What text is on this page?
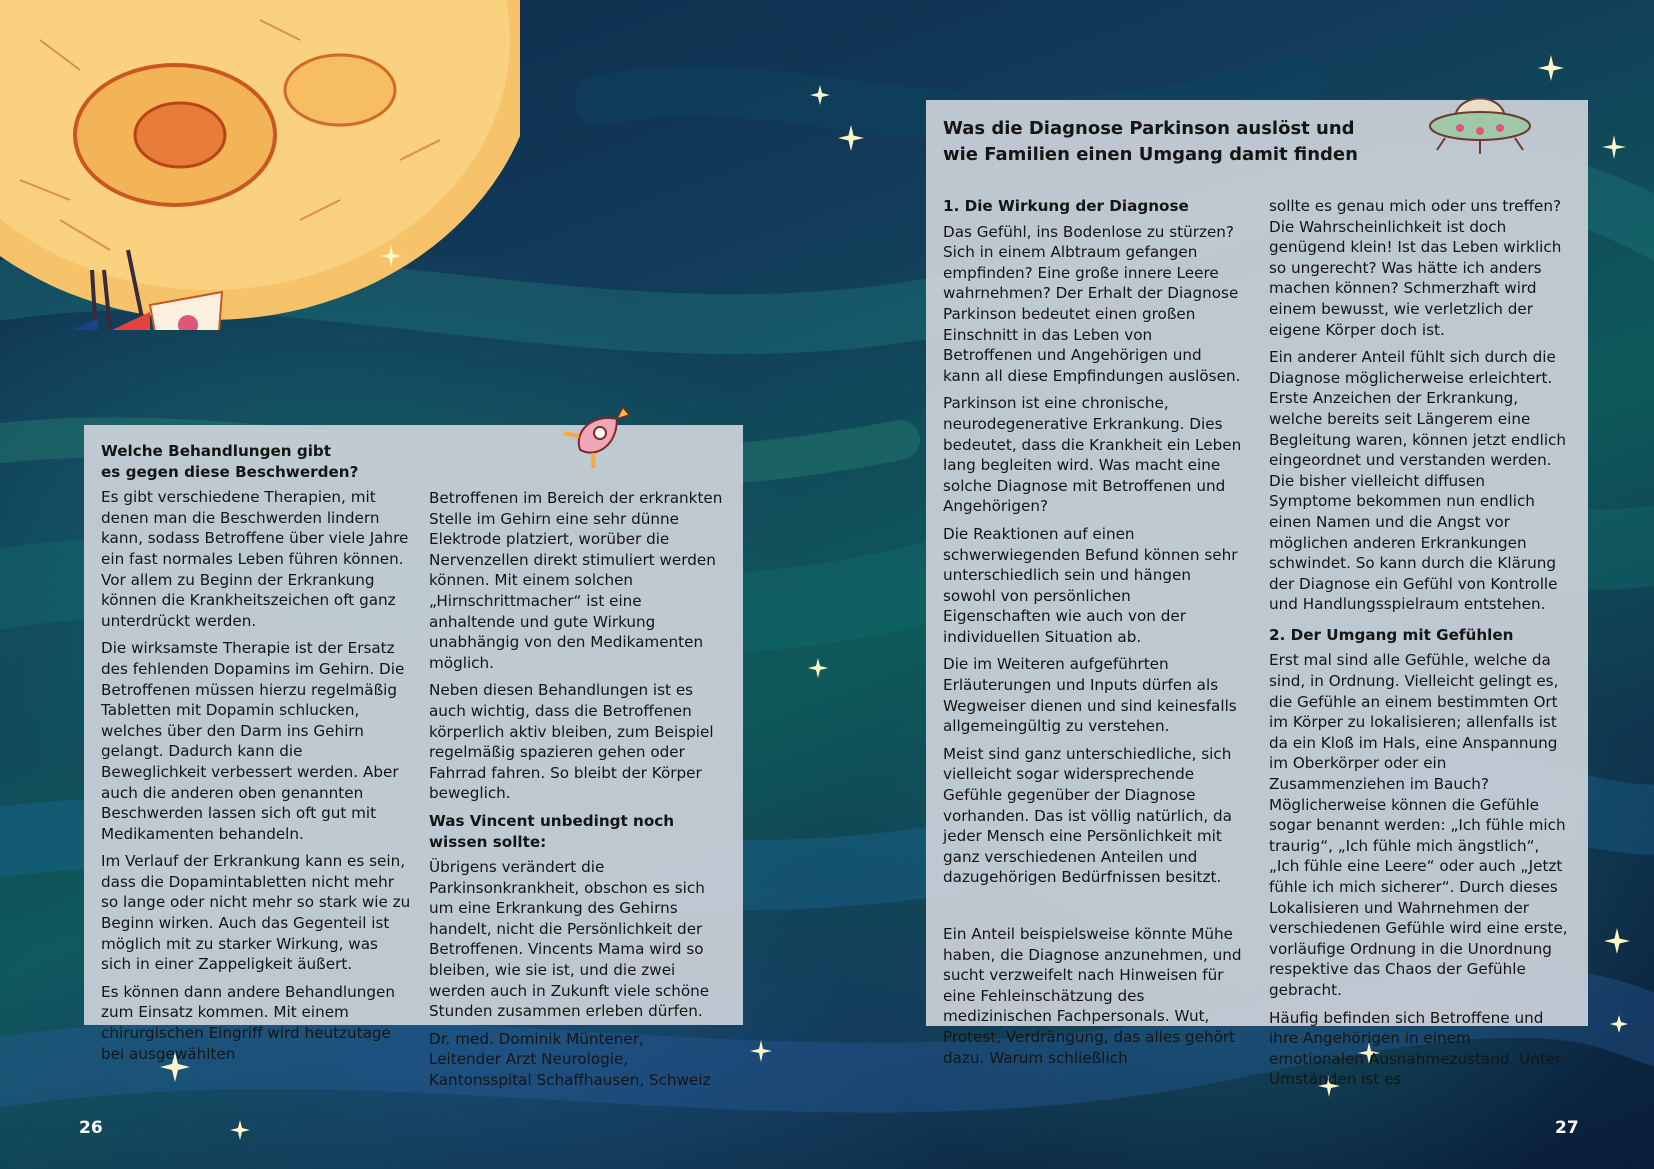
Welche Behandlungen gibt
es gegen diese Beschwerden?

Es gibt verschiedene Therapien, mit denen man die Beschwerden lindern kann, sodass Betroffene über viele Jahre ein fast normales Leben führen können. Vor allem zu Beginn der Erkrankung können die Krankheitszeichen oft ganz unterdrückt werden.

Die wirksamste Therapie ist der Ersatz des fehlenden Dopamins im Gehirn. Die Betroffenen müssen hierzu regelmäßig Tabletten mit Dopamin schlucken, welches über den Darm ins Gehirn gelangt. Dadurch kann die Beweglichkeit verbessert werden. Aber auch die anderen oben genannten Beschwerden lassen sich oft gut mit Medikamenten behandeln.

Im Verlauf der Erkrankung kann es sein, dass die Dopamintabletten nicht mehr so lange oder nicht mehr so stark wie zu Beginn wirken. Auch das Gegenteil ist möglich mit zu starker Wirkung, was sich in einer Zappeligkeit äußert.

Es können dann andere Behandlungen zum Einsatz kommen. Mit einem chirurgischen Eingriff wird heutzutage bei ausgewählten

Betroffenen im Bereich der erkrankten Stelle im Gehirn eine sehr dünne Elektrode platziert, worüber die Nervenzellen direkt stimuliert werden können. Mit einem solchen „Hirnschrittmacher“ ist eine anhaltende und gute Wirkung unabhängig von den Medikamenten möglich.

Neben diesen Behandlungen ist es auch wichtig, dass die Betroffenen körperlich aktiv bleiben, zum Beispiel regelmäßig spazieren gehen oder Fahrrad fahren. So bleibt der Körper beweglich.

Was Vincent unbedingt noch
wissen sollte:

Übrigens verändert die Parkinsonkrankheit, obschon es sich um eine Erkrankung des Gehirns handelt, nicht die Persönlichkeit der Betroffenen. Vincents Mama wird so bleiben, wie sie ist, und die zwei werden auch in Zukunft viele schöne Stunden zusammen erleben dürfen.

Dr. med. Dominik Müntener,
Leitender Arzt Neurologie,
Kantonsspital Schaffhausen, Schweiz

Was die Diagnose Parkinson auslöst und
wie Familien einen Umgang damit finden
1. Die Wirkung der Diagnose

Das Gefühl, ins Bodenlose zu stürzen? Sich in einem Albtraum gefangen empfinden? Eine große innere Leere wahrnehmen? Der Erhalt der Diagnose Parkinson bedeutet einen großen Einschnitt in das Leben von Betroffenen und Angehörigen und kann all diese Empfindungen auslösen.

Parkinson ist eine chronische, neurodegenerative Erkrankung. Dies bedeutet, dass die Krankheit ein Leben lang begleiten wird. Was macht eine solche Diagnose mit Betroffenen und Angehörigen?

Die Reaktionen auf einen schwerwiegenden Befund können sehr unterschiedlich sein und hängen sowohl von persönlichen Eigenschaften wie auch von der individuellen Situation ab.

Die im Weiteren aufgeführten Erläuterungen und Inputs dürfen als Wegweiser dienen und sind keinesfalls allgemeingültig zu verstehen.

Meist sind ganz unterschiedliche, sich vielleicht sogar widersprechende Gefühle gegenüber der Diagnose vorhanden. Das ist völlig natürlich, da jeder Mensch eine Persönlichkeit mit ganz verschiedenen Anteilen und dazugehörigen Bedürfnissen besitzt.

Ein Anteil beispielsweise könnte Mühe haben, die Diagnose anzunehmen, und sucht verzweifelt nach Hinweisen für eine Fehleinschätzung des medizinischen Fachpersonals. Wut, Protest, Verdrängung, das alles gehört dazu. Warum schließlich

sollte es genau mich oder uns treffen? Die Wahrscheinlichkeit ist doch genügend klein! Ist das Leben wirklich so ungerecht? Was hätte ich anders machen können? Schmerzhaft wird einem bewusst, wie verletzlich der eigene Körper doch ist.

Ein anderer Anteil fühlt sich durch die Diagnose möglicherweise erleichtert. Erste Anzeichen der Erkrankung, welche bereits seit Längerem eine Begleitung waren, können jetzt endlich eingeordnet und verstanden werden. Die bisher vielleicht diffusen Symptome bekommen nun endlich einen Namen und die Angst vor möglichen anderen Erkrankungen schwindet. So kann durch die Klärung der Diagnose ein Gefühl von Kontrolle und Handlungsspielraum entstehen.

2. Der Umgang mit Gefühlen

Erst mal sind alle Gefühle, welche da sind, in Ordnung. Vielleicht gelingt es, die Gefühle an einem bestimmten Ort im Körper zu lokalisieren; allenfalls ist da ein Kloß im Hals, eine Anspannung im Oberkörper oder ein Zusammenziehen im Bauch? Möglicherweise können die Gefühle sogar benannt werden: „Ich fühle mich traurig“, „Ich fühle mich ängstlich“, „Ich fühle eine Leere“ oder auch „Jetzt fühle ich mich sicherer“. Durch dieses Lokalisieren und Wahrnehmen der verschiedenen Gefühle wird eine erste, vorläufige Ordnung in die Unordnung respektive das Chaos der Gefühle gebracht.

Häufig befinden sich Betroffene und ihre Angehörigen in einem emotionalen Ausnahmezustand. Unter Umständen ist es

26	27
